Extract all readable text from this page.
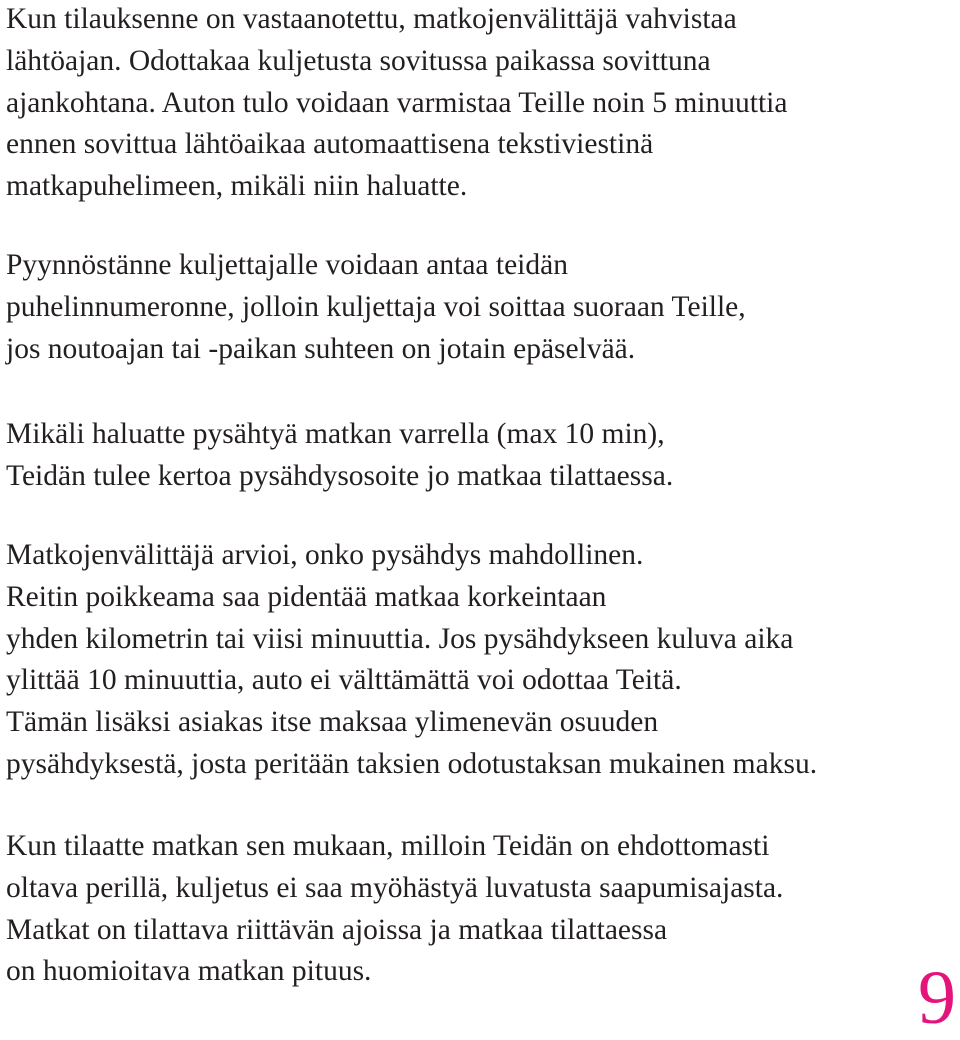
Kun tilauksenne on vastaanotettu, matkojenvälittäjä vahvistaa
lähtöajan. Odottakaa kuljetusta sovitussa paikassa sovittuna
ajankohtana. Auton tulo voidaan varmistaa Teille noin 5 minuuttia
ennen sovittua lähtöaikaa automaattisena tekstiviestinä
matkapuhelimeen, mikäli niin haluatte.
Pyynnöstänne kuljettajalle voidaan antaa teidän
puhelinnumeronne, jolloin kuljettaja voi soittaa suoraan Teille,
jos noutoajan tai -paikan suhteen on jotain epäselvää.
Mikäli haluatte pysähtyä matkan varrella (max 10 min),
Teidän tulee kertoa pysähdysosoite jo matkaa tilattaessa.
Matkojenvälittäjä arvioi, onko pysähdys mahdollinen.
Reitin poikkeama saa pidentää matkaa korkeintaan
yhden kilometrin tai viisi minuuttia. Jos pysähdykseen kuluva aika
ylittää 10 minuuttia, auto ei välttämättä voi odottaa Teitä.
Tämän lisäksi asiakas itse maksaa ylimenevän osuuden
pysähdyksestä, josta peritään taksien odotustaksan mukainen maksu.
Kun tilaatte matkan sen mukaan, milloin Teidän on ehdottomasti
oltava perillä, kuljetus ei saa myöhästyä luvatusta saapumisajasta.
Matkat on tilattava riittävän ajoissa ja matkaa tilattaessa
on huomioitava matkan pituus.	9
